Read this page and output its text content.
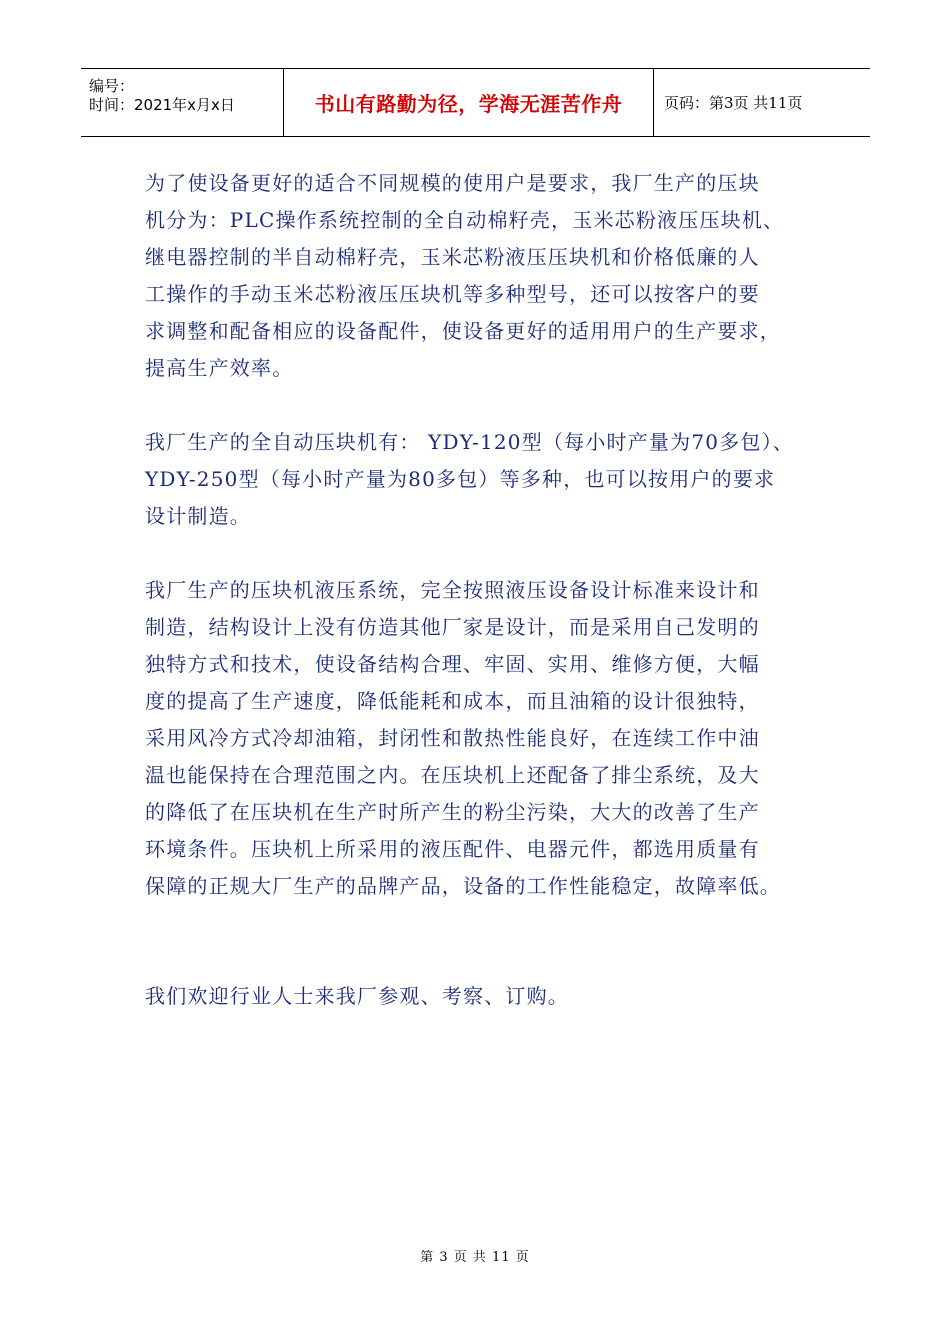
编号：
时间：2021年x月x日	书山有路勤为径，学海无涯苦作舟	页码：第3页 共11页
为了使设备更好的适合不同规模的使用户是要求，我厂生产的压块
机分为：PLC操作系统控制的全自动棉籽壳，玉米芯粉液压压块机、
继电器控制的半自动棉籽壳，玉米芯粉液压压块机和价格低廉的人
工操作的手动玉米芯粉液压压块机等多种型号，还可以按客户的要
求调整和配备相应的设备配件，使设备更好的适用用户的生产要求，
提高生产效率。
我厂生产的全自动压块机有： YDY-120型（每小时产量为70多包）、
YDY-250型（每小时产量为80多包）等多种，也可以按用户的要求
设计制造。
我厂生产的压块机液压系统，完全按照液压设备设计标准来设计和
制造，结构设计上没有仿造其他厂家是设计，而是采用自己发明的
独特方式和技术，使设备结构合理、牢固、实用、维修方便，大幅
度的提高了生产速度，降低能耗和成本，而且油箱的设计很独特，
采用风冷方式冷却油箱，封闭性和散热性能良好，在连续工作中油
温也能保持在合理范围之内。在压块机上还配备了排尘系统，及大
的降低了在压块机在生产时所产生的粉尘污染，大大的改善了生产
环境条件。压块机上所采用的液压配件、电器元件，都选用质量有
保障的正规大厂生产的品牌产品，设备的工作性能稳定，故障率低。
我们欢迎行业人士来我厂参观、考察、订购。
第 3 页 共 11 页
